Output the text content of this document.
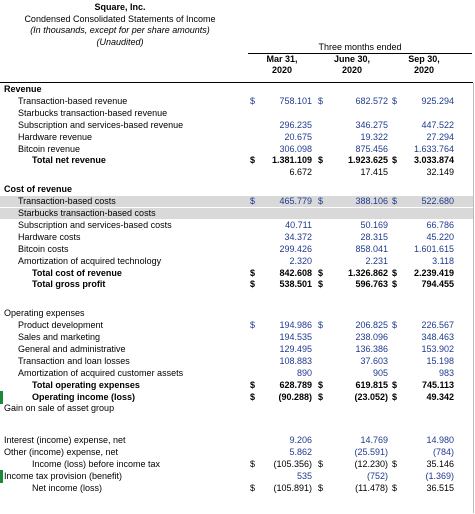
Square, Inc.
Condensed Consolidated Statements of Income
(In thousands, except for per share amounts)
(Unaudited)
Three months ended
Mar 31,
2020
June 30,
2020
Sep 30,
2020
Revenue
Transaction-based revenue	$	758.101 $	682.572 $	925.294
Starbucks transaction-based revenue
Subscription and services-based revenue	296.235	346.275	447.522
Hardware revenue	20.675	19.322	27.294
Bitcoin revenue	306.098	875.456	1.633.764
Total net revenue	$ 1.381.109 $	1.923.625 $ 3.033.874
6.672	17.415	32.149
Cost of revenue
Transaction-based costs	$	465.779 $	388.106 $	522.680
Starbucks transaction-based costs
Subscription and services-based costs	40.711	50.169	66.786
Hardware costs	34.372	28.315	45.220
Bitcoin costs	299.426	858.041	1.601.615
Amortization of acquired technology	2.320	2.231	3.118
Total cost of revenue	$	842.608 $	1.326.862 $ 2.239.419
Total gross profit	$	538.501 $	596.763 $	794.455
Operating expenses
Product development	$	194.986 $	206.825 $	226.567
Sales and marketing	194.535	238.096	348.463
General and administrative	129.495	136.386	153.902
Transaction and loan losses	108.883	37.603	15.198
Amortization of acquired customer assets	890	905	983
Total operating expenses	$	628.789 $	619.815 $	745.113
Operating income (loss)	$	(90.288) $	(23.052) $	49.342
Gain on sale of asset group
Interest (income) expense, net	9.206	14.769	14.980
Other (income) expense, net	5.862	(25.591)	(784)
Income (loss) before income tax	$ (105.356) $	(12.230) $	35.146
Income tax provision (benefit)	535	(752)	(1.369)
Net income (loss)	$ (105.891) $	(11.478) $	36.515
